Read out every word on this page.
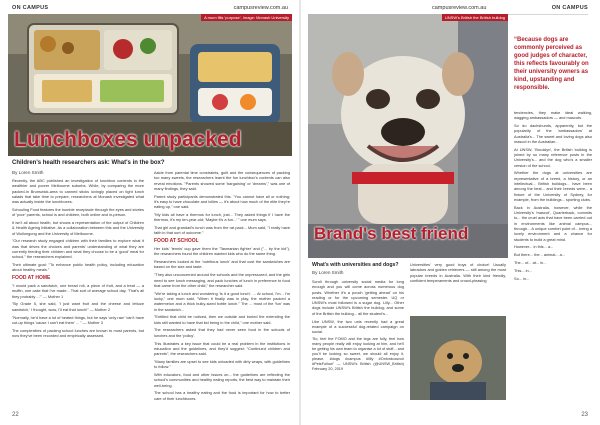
ON CAMPUS	campusreview.com.au
A mum fills 'purpose', Image: Monash University
Lunchboxes unpacked
Children's health researchers ask: What's in the box?
By Loren Smith

Recently, the ABC published an investigation of lunchbox contents in the wealthier and poorer Melbourne suburbs. While, by comparing the more packed-in Brunswick-area to canned sticks lovingly placed on tight lunch salads that take time to prepare, researchers at Monash investigated what was actually inside the lunchboxes.

Schooling Food features the humble receptacle through the eyes and stories of 'poor' parents, school is and children, both online and in-person.

It isn't all about health, but shows a representation of the output of Children & Health Ageing Initiative. As a collaboration between this and the University of Wollongong and the University of Melbourne.

"Our research study engaged children with their families to explore what it was that drives the choices and parents' understanding of what they are currently feeding their children and what they choose to be a 'good' meal for school," the researchers explained.

Their ultimate goal: "To enhance public health policy, including education about healthy meals."

FOOD AT HOME

"I would pack a sandwich, one bread roll, a piece of fruit, and a treat — a muffin, one cake that I've made... That sort of average school day. 'That's all they probably ..."' — Mother 1

"By Grade 5, she said, 'I just want fruit and the cheese and lettuce sandwich,' I thought, wow, I'll eat that lunch!" — Mother 2

"Normally, he'd have a lot of heated things, but he says 'only raw' 'can't have cut-up things 'cause I can't eat them' ... " — Mother 3

The complexities of packing school lunches are known to most parents, but now they've been recorded and empirically assessed.

Aside from parental time constraints, guilt and the consequences of packing too many sweets, the researchers learnt the fun lunchbox's contents can also reveal emotions. "Parents showed some 'bargaining' or 'dreams'," was one of many findings, they said.

Parent study participants demonstrated this. "You cannot have all or nothing; it's easy to have chocolate and lollies — it's about how much of the elite they're eating up," one said.

"My kids all have a thermos for lunch, just... They asked things if I have the thermos, it's my ten-year-old; 'Maybe it's a fun...' " one mum says.

That girl and grandad's lunch was from the rat pack... Mum said, "I really have faith in that sort of outcome."

FOOD AT SCHOOL

Her kids' 'tennis' cup gave them the 'Tasmanian fighter' and ("... by the kid"), the researchers found the children wanted kids who do the same thing.

Researchers looked at the 'nutritious lunch' and that cost the sandwiches are based on the size and taste.

"They also unconcerned around the schools and the unpressured, and the girls need to see lunch messaging, and pack lunches of lunch in preference to food that came from the other child," the researcher said.

"We're taking a lunch and wondering 'Is it a good lunch'. ... At school, I'm... I'm lucky," one mum said. "When it finally was in play, the mother packed a watermelon and a thick bulky-sized bottle lunch." The ... most of the 'fun' was in the sandwich...

"Entitled that child be noticed, then we outside and buried the extending the kids still wanted to have that kid being in the child," one mother said.

The researchers asked that they had never seen food in the schools of lunches and the 'policy'.

This illustrates a key issue that could be a real problem in the institutions in education and the guidelines, and they'd suggest: "Continued children and parents", the researchers said.

"Many families are upset to see kids unloaded with dirty wraps, with guidelines to follow."

With educators, food and other issues on... the guidelines are reflecting the school's communities and healthy eating reports, the best way to maintain their well-being.

The school has a healthy eating and the food is important for how to better care of their lunchboxes.

22
campusreview.com.au	ON CAMPUS
UNSW's British the British bulldog
Brand's best friend
“Because dogs are commonly perceived as good judges of character, this reflects favourably on their university owners as kind, upstanding and responsible.
What's with universities and dogs?
By Loren Smith

Scroll through university social media for long enough and you will come across numerous dog posts. Whether it's a pooch 'getting ahead' on his reading or for the upcoming semester. UQ or UNSW's most followed is a sugar dog. Lilly... Other dogs include UNSW's British the bulldog; and some of the British the bulldog... all the student's...

Like UNSW, the two unis recently had a great example of a successful dog-related campaign on social.

'So, feel the FOMO and the legs are fully, feel how many people really will enjoy looking at him, and he'll be getting his own team to organise a lot of stuff... and you'll be looking so sweet, we should all enjoy it, please. #dogs #campus #lilly #Oxfordcouncil #PetsFollow" — UNSW's British (@UNSW_British) February 20, 2019

Universities' very good boys of choice! Usually labradors and golden retrievers — still among the most popular breeds in Australia. With their kind friendly, confident temperaments and crowd-pleasing

tendencies, they make ideal walking, wagging ambassadors — and mascots.

So do dachshunds, apparently, but the popularity of the 'ambassadors' at Australia's... The sweet and loving dogs also mascot in the Australian...

At UNSW, 'Brooklyn', the British bulldog is joined by so many reference posts in the University's... and the dog who's a smaller version of the school.

Whether the dogs at universities are representative of a breed, a history, or an intellectual... British bulldogs... have been among the best... and their breeds were... a fixture of the University of Sydney, for example, from the buildings... sporting clubs.

Back in Australia, however, while the University's 'mascot', Quarterback, commits to... the cruel acts that have been carried out in environments like animal campus... through... A unique comfort point of... being a lovely environment and a chance for students to build a great mind.

However... in this... a...

But there... the... animal... a...

The... of... at... in...

This... in...

So... in...

23
